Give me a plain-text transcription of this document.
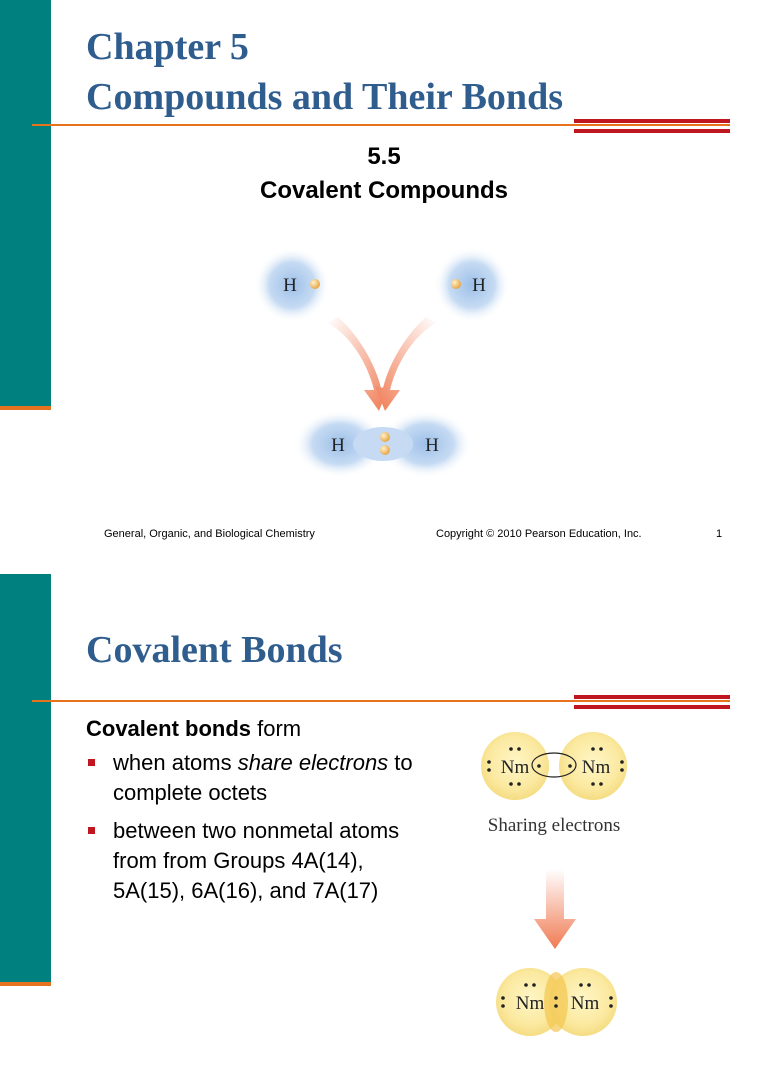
Chapter 5
Compounds and Their Bonds
5.5
Covalent Compounds
H	H
H	H
General, Organic, and Biological Chemistry	Copyright © 2010 Pearson Education, Inc.	1
Covalent Bonds
Covalent bonds form
when atoms share electrons to complete octets
between two nonmetal atoms from from Groups 4A(14), 5A(15), 6A(16), and 7A(17)
Nm	Nm
Sharing electrons
Nm Nm
